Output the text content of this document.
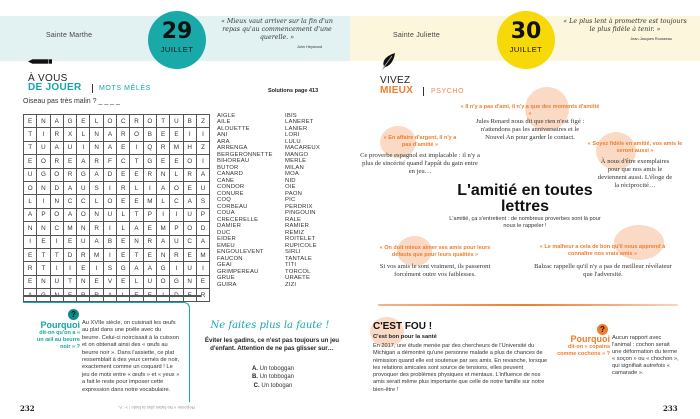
Sainte Marthe	29
JUILLET
« Mieux vaut arriver sur la fin d'un repas qu'au commencement d'une querelle. »
John Heywood
À VOUS
DE JOUER MOTS MÊLÉS	Solutions page 413
Oiseau pas très malin ? _ _ _ _
E	N	A	G	E	L	O	C	R	O	T	U	B	Z
T	I	R	X	L	N	A	R	O	B	E	E	I	I
T	U	A	U	I	N	A	E	I	Q	R	M	H	Z
E	O	R	E	A	R	F	C	T	G	E	E	O	I
U	G	O	R	G	A	D	E	E	R	N	L	R	A
O	N	D	A	U	S	I	R	L	I	A	O	E	U
L	I	N	C	C	L	O	E	E	M	L	C	A	S
A	P	O	A	O	N	U	L	T	P	I	I	U	P
N	N	C	M	N	R	I	L	A	E	M	P	O	D
I	E	I	E	U	A	B	E	N	R	A	U	C	A
E	T	T	D	R	M	I	E	T	E	N	R	E	M
R	T	I	I	E	I	S	G	A	A	G	I	U	I
E	N	U	T	N	E	V	E	L	U	O	G	N	E
													R
AIGLE
AILE
ALOUETTE
ANI
ARA
ARRENGA
BERGERONNETTE
BIHOREAU
BUTOR
CANARD
CANE
CONDOR
CONURE
COQ
CORBEAU
COUA
CRECERELLE
DAMIER
DUC
EIDER
EMEU
ENGOULEVENT
FAUCON
GEAI
GRIMPEREAU
GRUE
GUIRA
IBIS
LANERET
LANIER
LORI
LULU
MACAREUX
MANGO
MERLE
MILAN
MOA
NID
OIE
PAON
PIC
PERDRIX
PINGOUIN
RALE
RAMIER
REMIZ
ROITELET
RUPICOLE
SIRLI
TANTALE
TITI
TORCOL
URAETE
ZIZI
?
Pourquoi
dit-on qu'on a « un œil au beurre noir » ?
Au XVIIe siècle, on cuisinait les œufs au plat dans une poêle avec du beurre. Celui-ci noircissait à la cuisson et on obtenait ainsi des « œufs au beurre noir ». Dans l'assiette, ce plat ressemblait à des yeux cernés de noir, exactement comme un coquard ! Le jeu de mots entre « œufs » et « yeux » a fait le reste pour imposer cette expression dans notre vocabulaire.
Ne faites plus la faute !
Éviter les gadins, ce n'est pas toujours un jeu d'enfant. Attention de ne pas glisser sur…
A. Un toboggan
B. Un tobbogan
C. Un tobogan
232	Réponse « Ne faites plus la faute ! » : A.
Sainte Juliette	30
JUILLET
« Le plus lent à promettre est toujours le plus fidèle à tenir. »
Jean-Jacques Rousseau
VIVEZ
MIEUX	PSYCHO
« Il n'y a pas d'ami, il n'y a que des moments d'amitié »
Jules Renard nous dit que rien n'est figé : n'attendons pas les anniversaires et le Nouvel An pour garder le contact.
« En affaire d'argent, il n'y a pas d'amitié »
Ce proverbe espagnol est implacable : il n'y a plus de sincérité quand l'appât du gain entre en jeu…
« Soyez fidèle en amitié, vos amis le seront aussi »
À nous d'être exemplaires pour que nos amis le deviennent aussi. L'éloge de la réciprocité…
L'amitié en toutes lettres
L'amitié, ça s'entretient : de nombreux proverbes sont là pour nous le rappeler !
« On doit mieux aimer ses amis pour leurs défauts que pour leurs qualités »
Si vos amis le sont vraiment, ils passeront forcément outre vos faiblesses.
« Le malheur a cela de bon qu'il nous apprend à connaître nos vrais amis »
Balzac rappelle qu'il n'y a pas de meilleur révélateur que l'adversité.
C'EST FOU !
C'est bon pour la santé
En 2017, une étude menée par des chercheurs de l'Université du Michigan a démontré qu'une personne malade a plus de chances de rémission quand elle est soutenue par ses amis. En revanche, lorsque les relations amicales sont source de tensions, elles peuvent provoquer des problèmes physiques et mentaux. L'influence de nos amis serait même plus importante que celle de notre famille sur notre bien-être !
?
Pourquoi
dit-on « copains comme cochons » ?
Aucun rapport avec l'animal : cochon serait une déformation du terme « soçon » ou « chochon », qui signifiait autrefois « camarade ».
233
